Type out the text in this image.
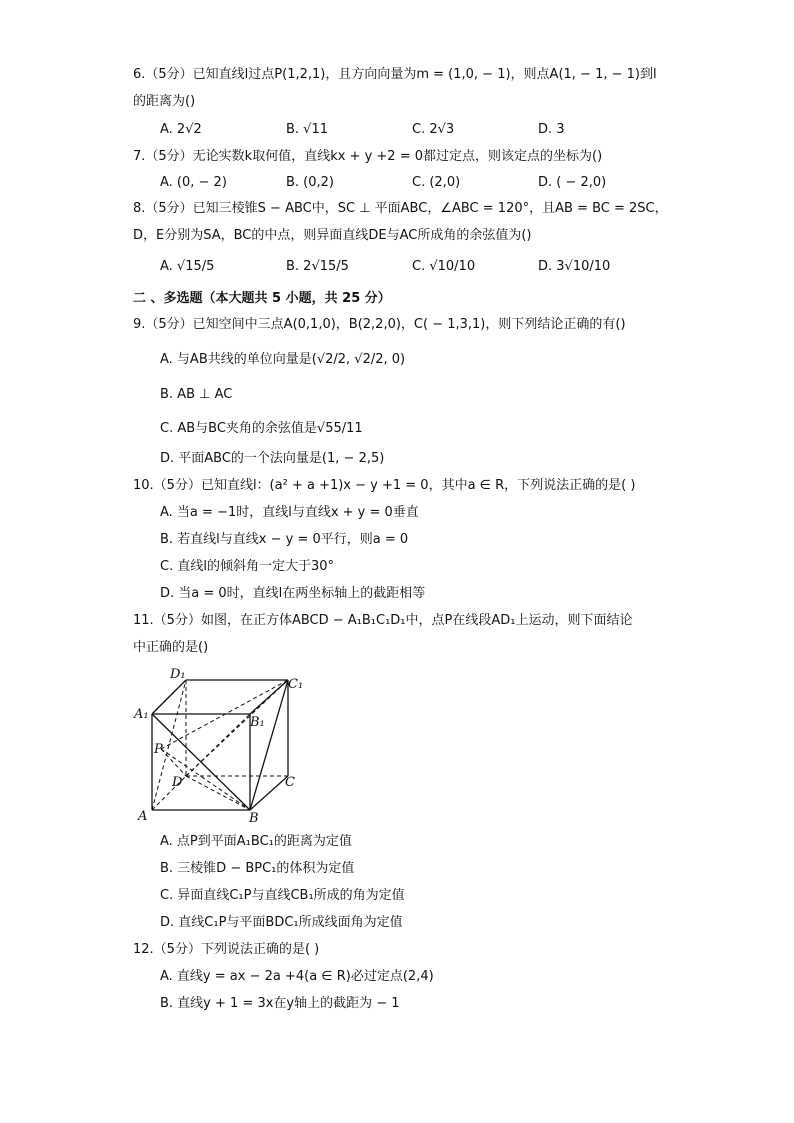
6.（5分）已知直线l过点P(1,2,1)，且方向向量为m = (1,0, − 1)，则点A(1, − 1, − 1)到l
的距离为()
A. 2√2	B. √11	C. 2√3	D. 3
7.（5分）无论实数k取何值，直线kx + y +2 = 0都过定点，则该定点的坐标为()
A. (0, − 2)	B. (0,2)	C. (2,0)	D. ( − 2,0)
8.（5分）已知三棱锥S − ABC中，SC ⊥ 平面ABC，∠ABC = 120°，且AB = BC = 2SC，
D，E分别为SA，BC的中点，则异面直线DE与AC所成角的余弦值为()
A. √15/5	B. 2√15/5	C. √10/10	D. 3√10/10
二 、多选题（本大题共 5 小题，共 25 分）
9.（5分）已知空间中三点A(0,1,0)，B(2,2,0)，C( − 1,3,1)，则下列结论正确的有()
A. 与AB共线的单位向量是(√2/2, √2/2, 0)
B. AB ⊥ AC
C. AB与BC夹角的余弦值是√55/11
D. 平面ABC的一个法向量是(1, − 2,5)
10.（5分）已知直线l：(a² + a +1)x − y +1 = 0，其中a ∈ R，下列说法正确的是( )
A. 当a = −1时，直线l与直线x + y = 0垂直
B. 若直线l与直线x − y = 0平行，则a = 0
C. 直线l的倾斜角一定大于30°
D. 当a = 0时，直线l在两坐标轴上的截距相等
11.（5分）如图，在正方体ABCD − A₁B₁C₁D₁中，点P在线段AD₁上运动，则下面结论
中正确的是()
D₁
C₁
A₁
B₁
P
D	C
A	B
A. 点P到平面A₁BC₁的距离为定值
B. 三棱锥D − BPC₁的体积为定值
C. 异面直线C₁P与直线CB₁所成的角为定值
D. 直线C₁P与平面BDC₁所成线面角为定值
12.（5分）下列说法正确的是( )
A. 直线y = ax − 2a +4(a ∈ R)必过定点(2,4)
B. 直线y + 1 = 3x在y轴上的截距为 − 1
